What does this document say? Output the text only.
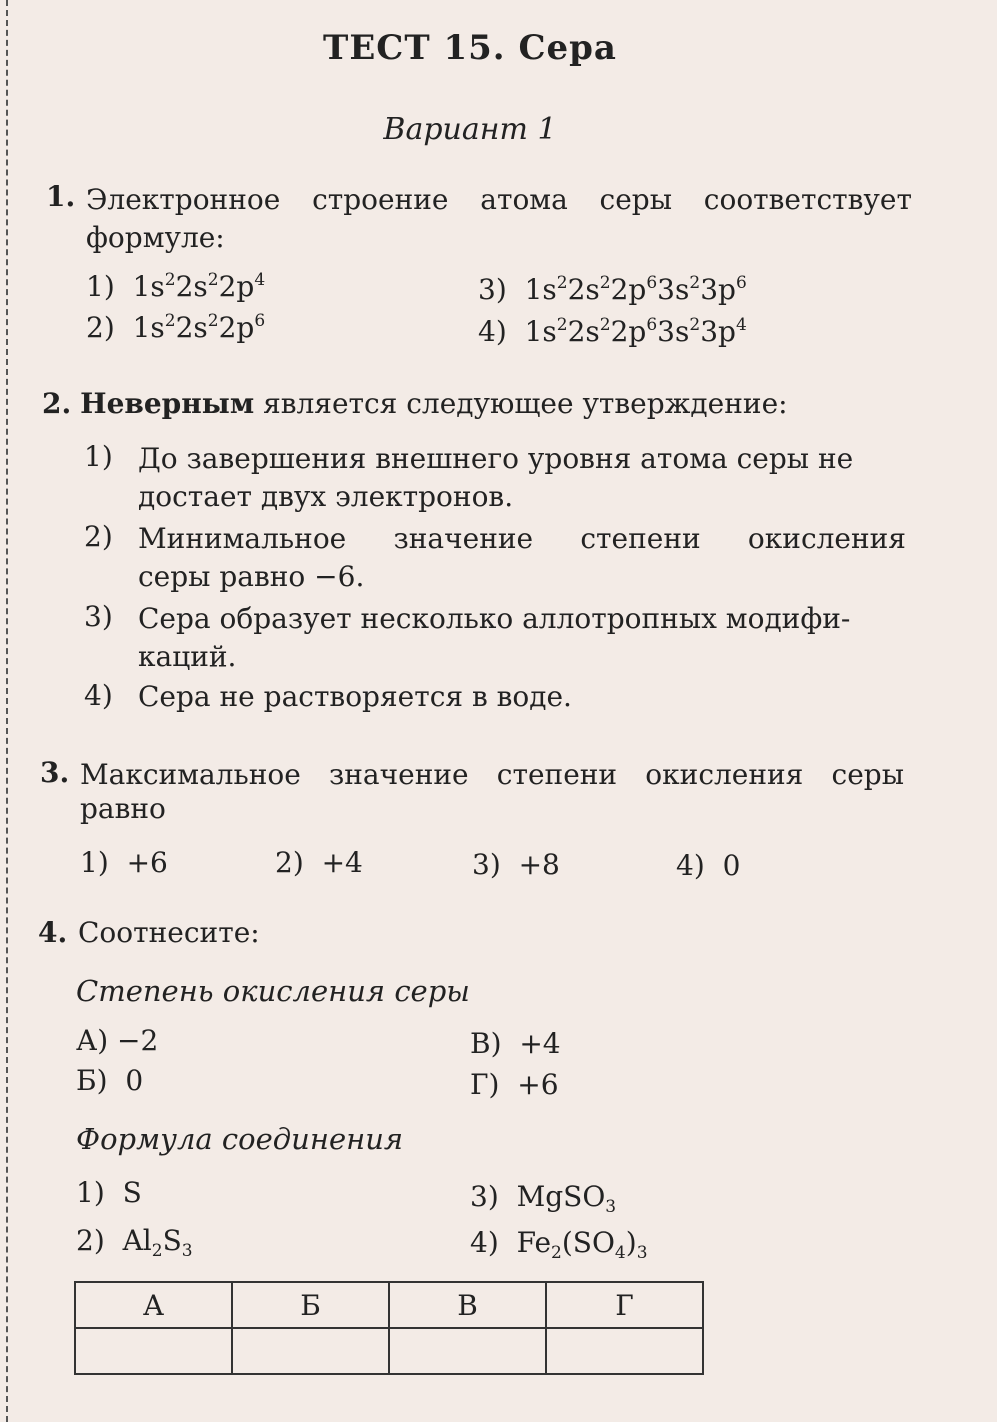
ТЕСТ 15. Сера
Вариант 1
1. Электронное строение атома серы соответствует
формуле:
1) $1s^22s^22p^4$
2) $1s^22s^22p^6$
3) $1s^22s^22p^63s^23p^6$
4) $1s^22s^22p^63s^23p^4$
2. Неверным является следующее утверждение:
1) До завершения внешнего уровня атома серы не
достает двух электронов.
2) Минимальное значение степени окисления
серы равно −6.
3) Сера образует несколько аллотропных модифи-
каций.
4) Сера не растворяется в воде.
3. Максимальное значение степени окисления серы
равно
1) +6	2) +4	3) +8	4) 0
4. Соотнесите:
Степень окисления серы
А) −2
Б) 0
В) +4
Г) +6
Формула соединения
1) S
2) $Al_2S_3$
3) MgSO$_3$
4) $Fe_2(SO_4)_3$
А	Б	В	Г
